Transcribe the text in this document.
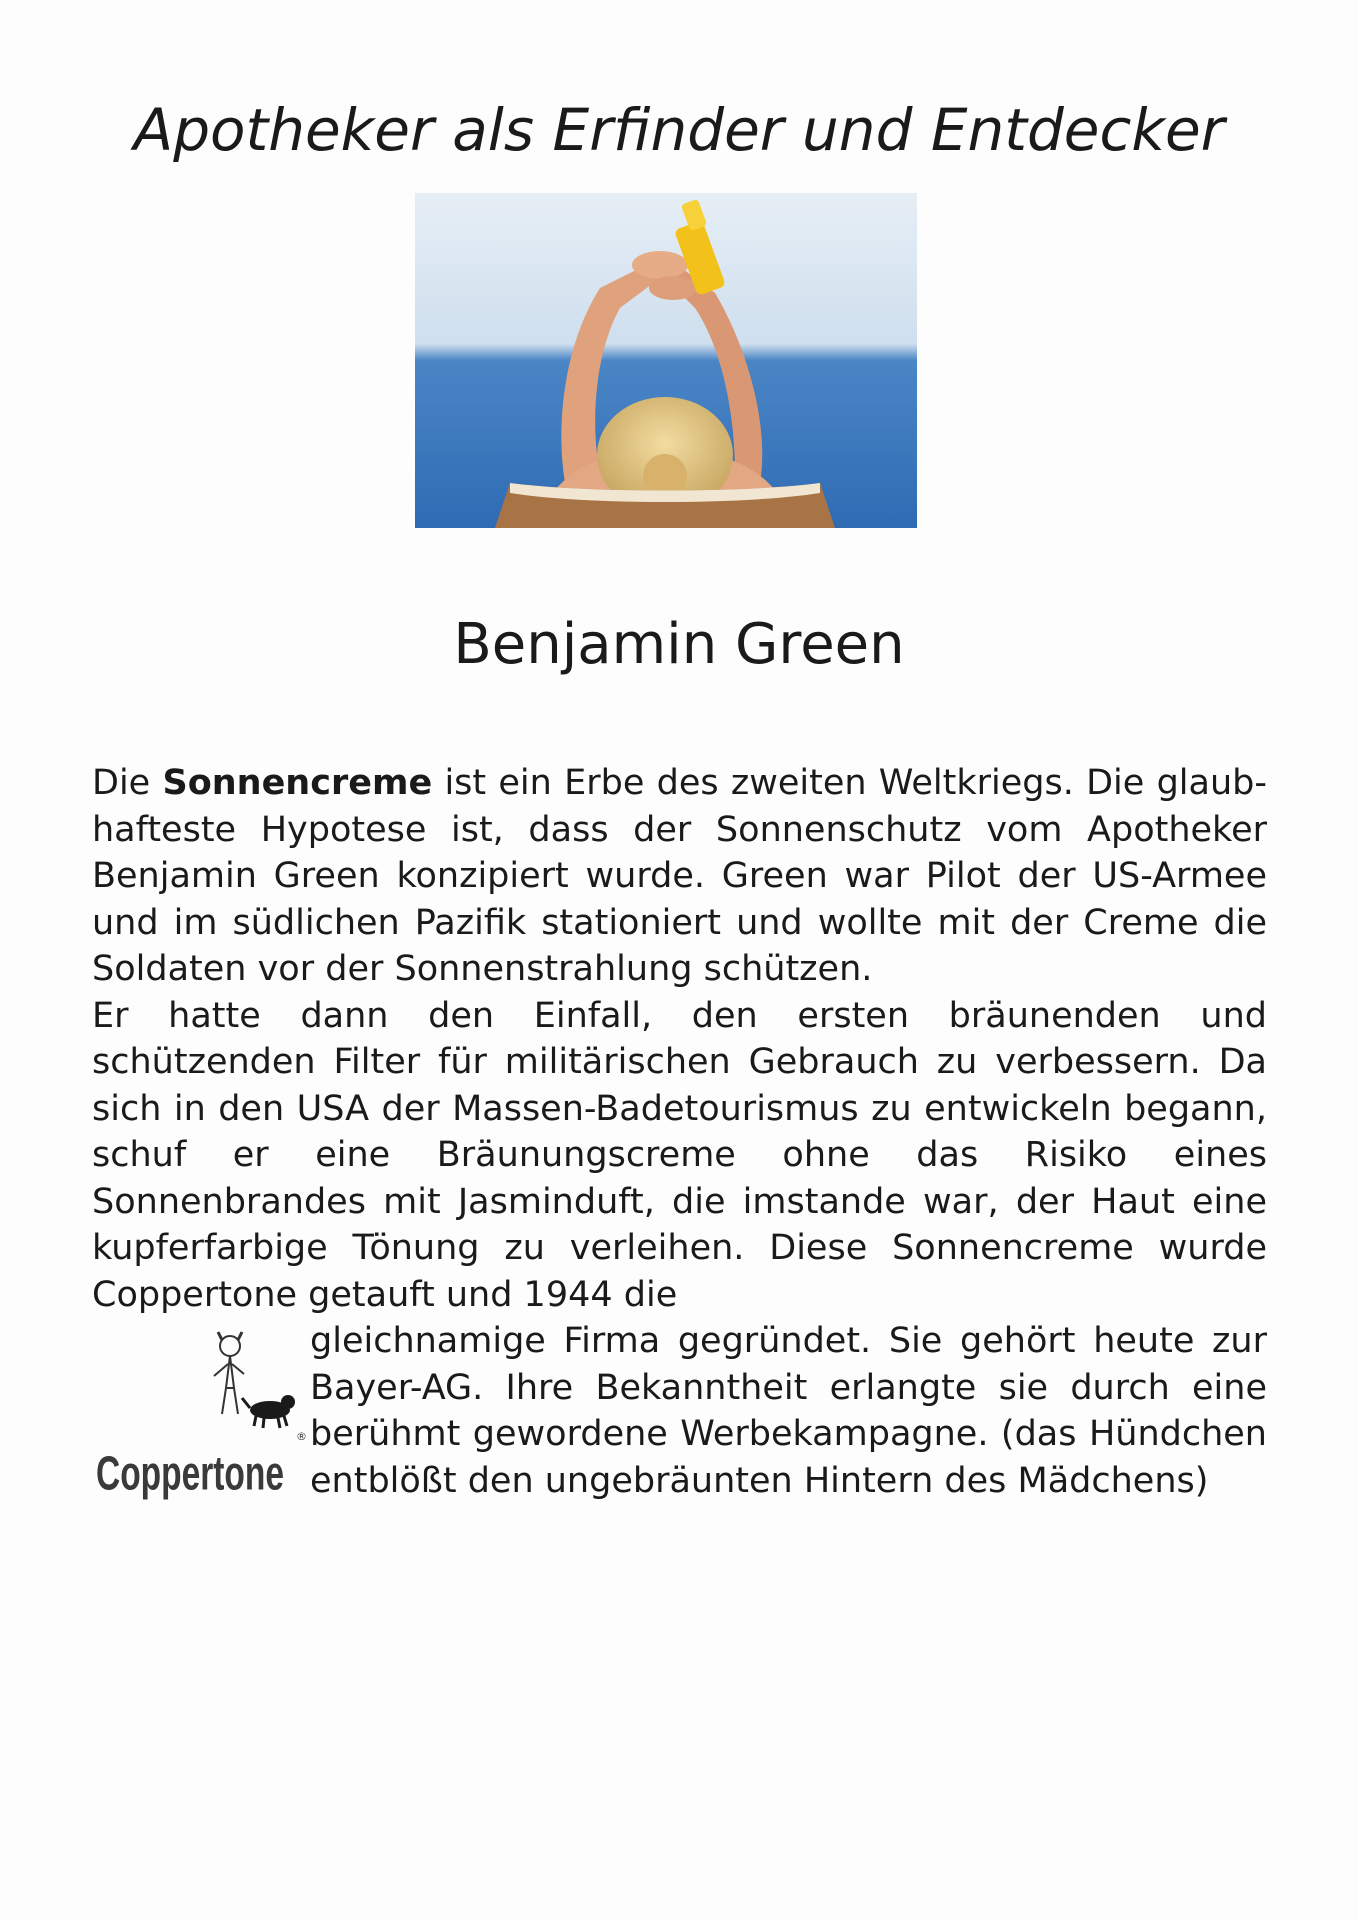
Apotheker als Erfinder und Entdecker
Benjamin Green

Die Sonnencreme ist ein Erbe des zweiten Weltkriegs. Die glaubhafteste Hypotese ist, dass der Sonnenschutz vom Apotheker Benjamin Green konzipiert wurde. Green war Pilot der US-Armee und im südlichen Pazifik stationiert und wollte mit der Creme die Soldaten vor der Sonnenstrahlung schützen.

Er hatte dann den Einfall, den ersten bräunenden und schützenden Filter für militärischen Gebrauch zu verbessern. Da sich in den USA der Massen-Badetourismus zu entwickeln begann, schuf er eine Bräunungscreme ohne das Risiko eines Sonnenbrandes mit Jasminduft, die imstande war, der Haut eine kupferfarbige Tönung zu verleihen. Diese Sonnencreme wurde Coppertone getauft und 1944 die

®
Coppertone

gleichnamige Firma gegründet. Sie gehört heute zur Bayer-AG. Ihre Bekanntheit erlangte sie durch eine berühmt gewordene Werbekampagne. (das Hündchen entblößt den ungebräunten Hintern des Mädchens)
